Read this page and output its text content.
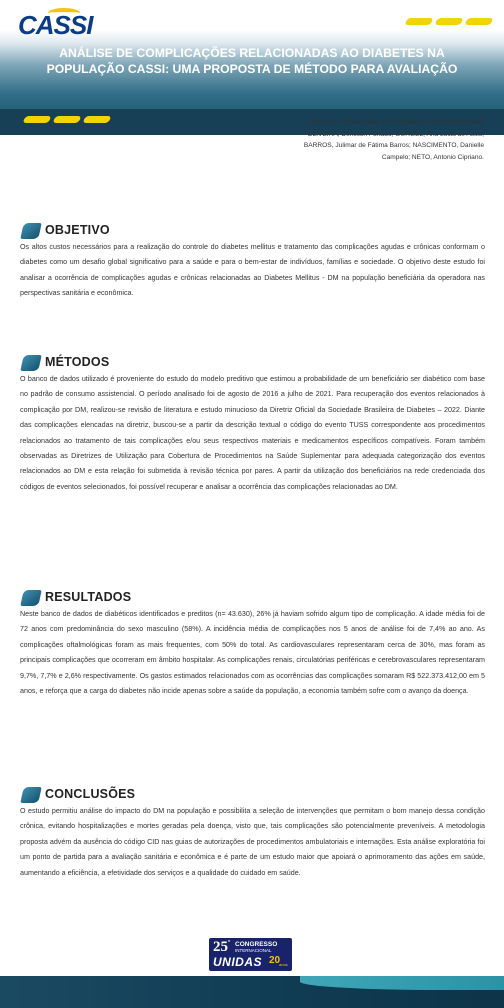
CASSI
ANÁLISE DE COMPLICAÇÕES RELACIONADAS AO DIABETES NA POPULAÇÃO CASSI: UMA PROPOSTA DE MÉTODO PARA AVALIAÇÃO
FREITAS, Flávia Amaral; CAVALCANTE, Danyelle Monteiro;
OLIVEIRA, Denilson Furtado; GURGEL, Ana Lúcia de Assis;
BARROS, Julimar de Fátima Barros; NASCIMENTO, Danielle
Campelo; NETO, Antonio Cipriano.
OBJETIVO

Os altos custos necessários para a realização do controle do diabetes mellitus e tratamento das complicações agudas e crônicas conformam o diabetes como um desafio global significativo para a saúde e para o bem-estar de indivíduos, famílias e sociedade. O objetivo deste estudo foi analisar a ocorrência de complicações agudas e crônicas relacionadas ao Diabetes Mellitus - DM na população beneficiária da operadora nas perspectivas sanitária e econômica.

MÉTODOS

O banco de dados utilizado é proveniente do estudo do modelo preditivo que estimou a probabilidade de um beneficiário ser diabético com base no padrão de consumo assistencial. O período analisado foi de agosto de 2016 a julho de 2021. Para recuperação dos eventos relacionados à complicação por DM, realizou-se revisão de literatura e estudo minucioso da Diretriz Oficial da Sociedade Brasileira de Diabetes – 2022. Diante das complicações elencadas na diretriz, buscou-se a partir da descrição textual o código do evento TUSS correspondente aos procedimentos relacionados ao tratamento de tais complicações e/ou seus respectivos materiais e medicamentos específicos compatíveis. Foram também observadas as Diretrizes de Utilização para Cobertura de Procedimentos na Saúde Suplementar para adequada categorização dos eventos relacionados ao DM e esta relação foi submetida à revisão técnica por pares. A partir da utilização dos beneficiários na rede credenciada dos códigos de eventos selecionados, foi possível recuperar e analisar a ocorrência das complicações relacionadas ao DM.

RESULTADOS

Neste banco de dados de diabéticos identificados e preditos (n= 43.630), 26% já haviam sofrido algum tipo de complicação. A idade média foi de 72 anos com predominância do sexo masculino (58%). A incidência média de complicações nos 5 anos de análise foi de 7,4% ao ano. As complicações oftalmológicas foram as mais frequentes, com 50% do total. As cardiovasculares representaram cerca de 30%, mas foram as principais complicações que ocorreram em âmbito hospitalar. As complicações renais, circulatórias periféricas e cerebrovasculares representaram 9,7%, 7,7% e 2,6% respectivamente. Os gastos estimados relacionados com as ocorrências das complicações somaram R$ 522.373.412,00 em 5 anos, e reforça que a carga do diabetes não incide apenas sobre a saúde da população, a economia também sofre com o avanço da doença.

CONCLUSÕES

O estudo permitiu análise do impacto do DM na população e possibilita a seleção de intervenções que permitam o bom manejo dessa condição crônica, evitando hospitalizações e mortes geradas pela doença, visto que, tais complicações são potencialmente preveníveis. A metodologia proposta advém da ausência do código CID nas guias de autorizações de procedimentos ambulatoriais e internações. Esta análise exploratória foi um ponto de partida para a avaliação sanitária e econômica e é parte de um estudo maior que apoiará o aprimoramento das ações em saúde, aumentando a eficiência, a efetividade dos serviços e a qualidade do cuidado em saúde.

$25^º$ CONGRESSO
INTERNACIONAL
UNIDAS 20
anos
